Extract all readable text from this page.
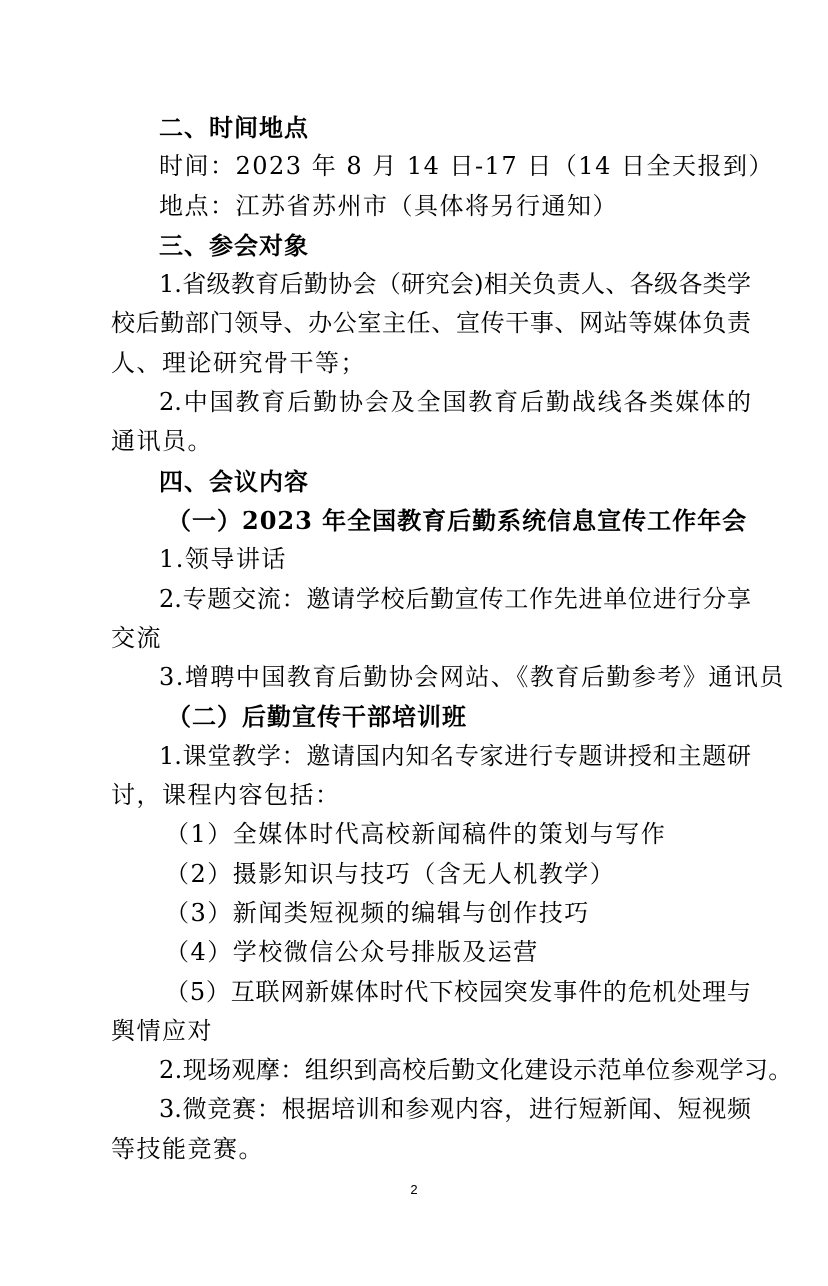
二、时间地点
时间：2023 年 8 月 14 日-17 日（14 日全天报到）
地点：江苏省苏州市（具体将另行通知）
三、参会对象
1.省级教育后勤协会（研究会)相关负责人、各级各类学
校后勤部门领导、办公室主任、宣传干事、网站等媒体负责
人、理论研究骨干等；
2.中国教育后勤协会及全国教育后勤战线各类媒体的
通讯员。
四、会议内容
（一）2023 年全国教育后勤系统信息宣传工作年会
1.领导讲话
2.专题交流：邀请学校后勤宣传工作先进单位进行分享
交流
3.增聘中国教育后勤协会网站、《教育后勤参考》通讯员
（二）后勤宣传干部培训班
1.课堂教学：邀请国内知名专家进行专题讲授和主题研
讨，课程内容包括：
（1）全媒体时代高校新闻稿件的策划与写作
（2）摄影知识与技巧（含无人机教学）
（3）新闻类短视频的编辑与创作技巧
（4）学校微信公众号排版及运营
（5）互联网新媒体时代下校园突发事件的危机处理与
舆情应对
2.现场观摩：组织到高校后勤文化建设示范单位参观学习。
3.微竞赛：根据培训和参观内容，进行短新闻、短视频
等技能竞赛。
2
